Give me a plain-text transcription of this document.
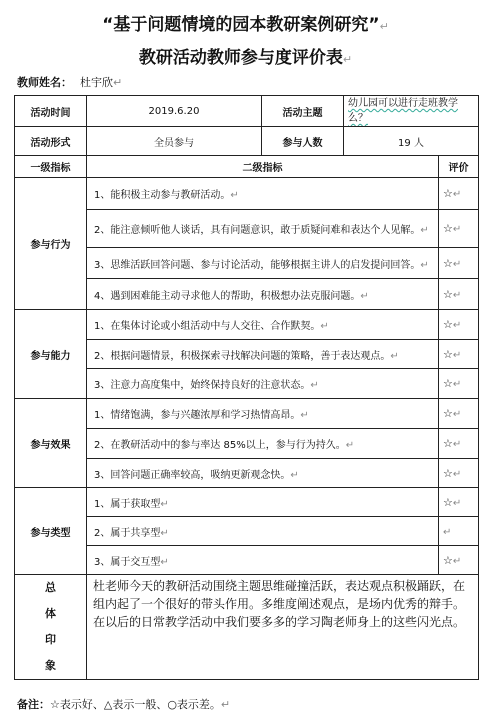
“基于问题情境的园本教研案例研究”↵
教研活动教师参与度评价表↵
教师姓名： 杜宇欣↵
活动时间	2019.6.20	活动主题	幼儿园可以进行走班教学么？	
活动形式	全员参与	参与人数	19 人	
一级指标	二级指标			评价
参与行为	1、能积极主动参与教研活动。↵			☆↵
	2、能注意倾听他人谈话，具有问题意识，敢于质疑问难和表达个人见解。↵			☆↵
	3、思维活跃回答问题、参与讨论活动，能够根据主讲人的启发提问回答。↵			☆↵
	4、遇到困难能主动寻求他人的帮助，积极想办法克服问题。↵			☆↵
参与能力	1、在集体讨论或小组活动中与人交往、合作默契。↵			☆↵
	2、根据问题情景，积极探索寻找解决问题的策略，善于表达观点。↵			☆↵
	3、注意力高度集中，始终保持良好的注意状态。↵			☆↵
参与效果	1、情绪饱满，参与兴趣浓厚和学习热情高昂。↵			☆↵
	2、在教研活动中的参与率达 85%以上，参与行为持久。↵			☆↵
	3、回答问题正确率较高，吸纳更新观念快。↵			☆↵
参与类型	1、属于获取型↵			☆↵
	2、属于共享型↵			↵
	3、属于交互型↵			☆↵

总
体
印
象	杜老师今天的教研活动围绕主题思维碰撞活跃，表达观点积极踊跃，在组内起了一个很好的带头作用。多维度阐述观点，是场内优秀的辩手。在以后的日常教学活动中我们要多多的学习陶老师身上的这些闪光点。			
备注：☆表示好、△表示一般、○表示差。↵
